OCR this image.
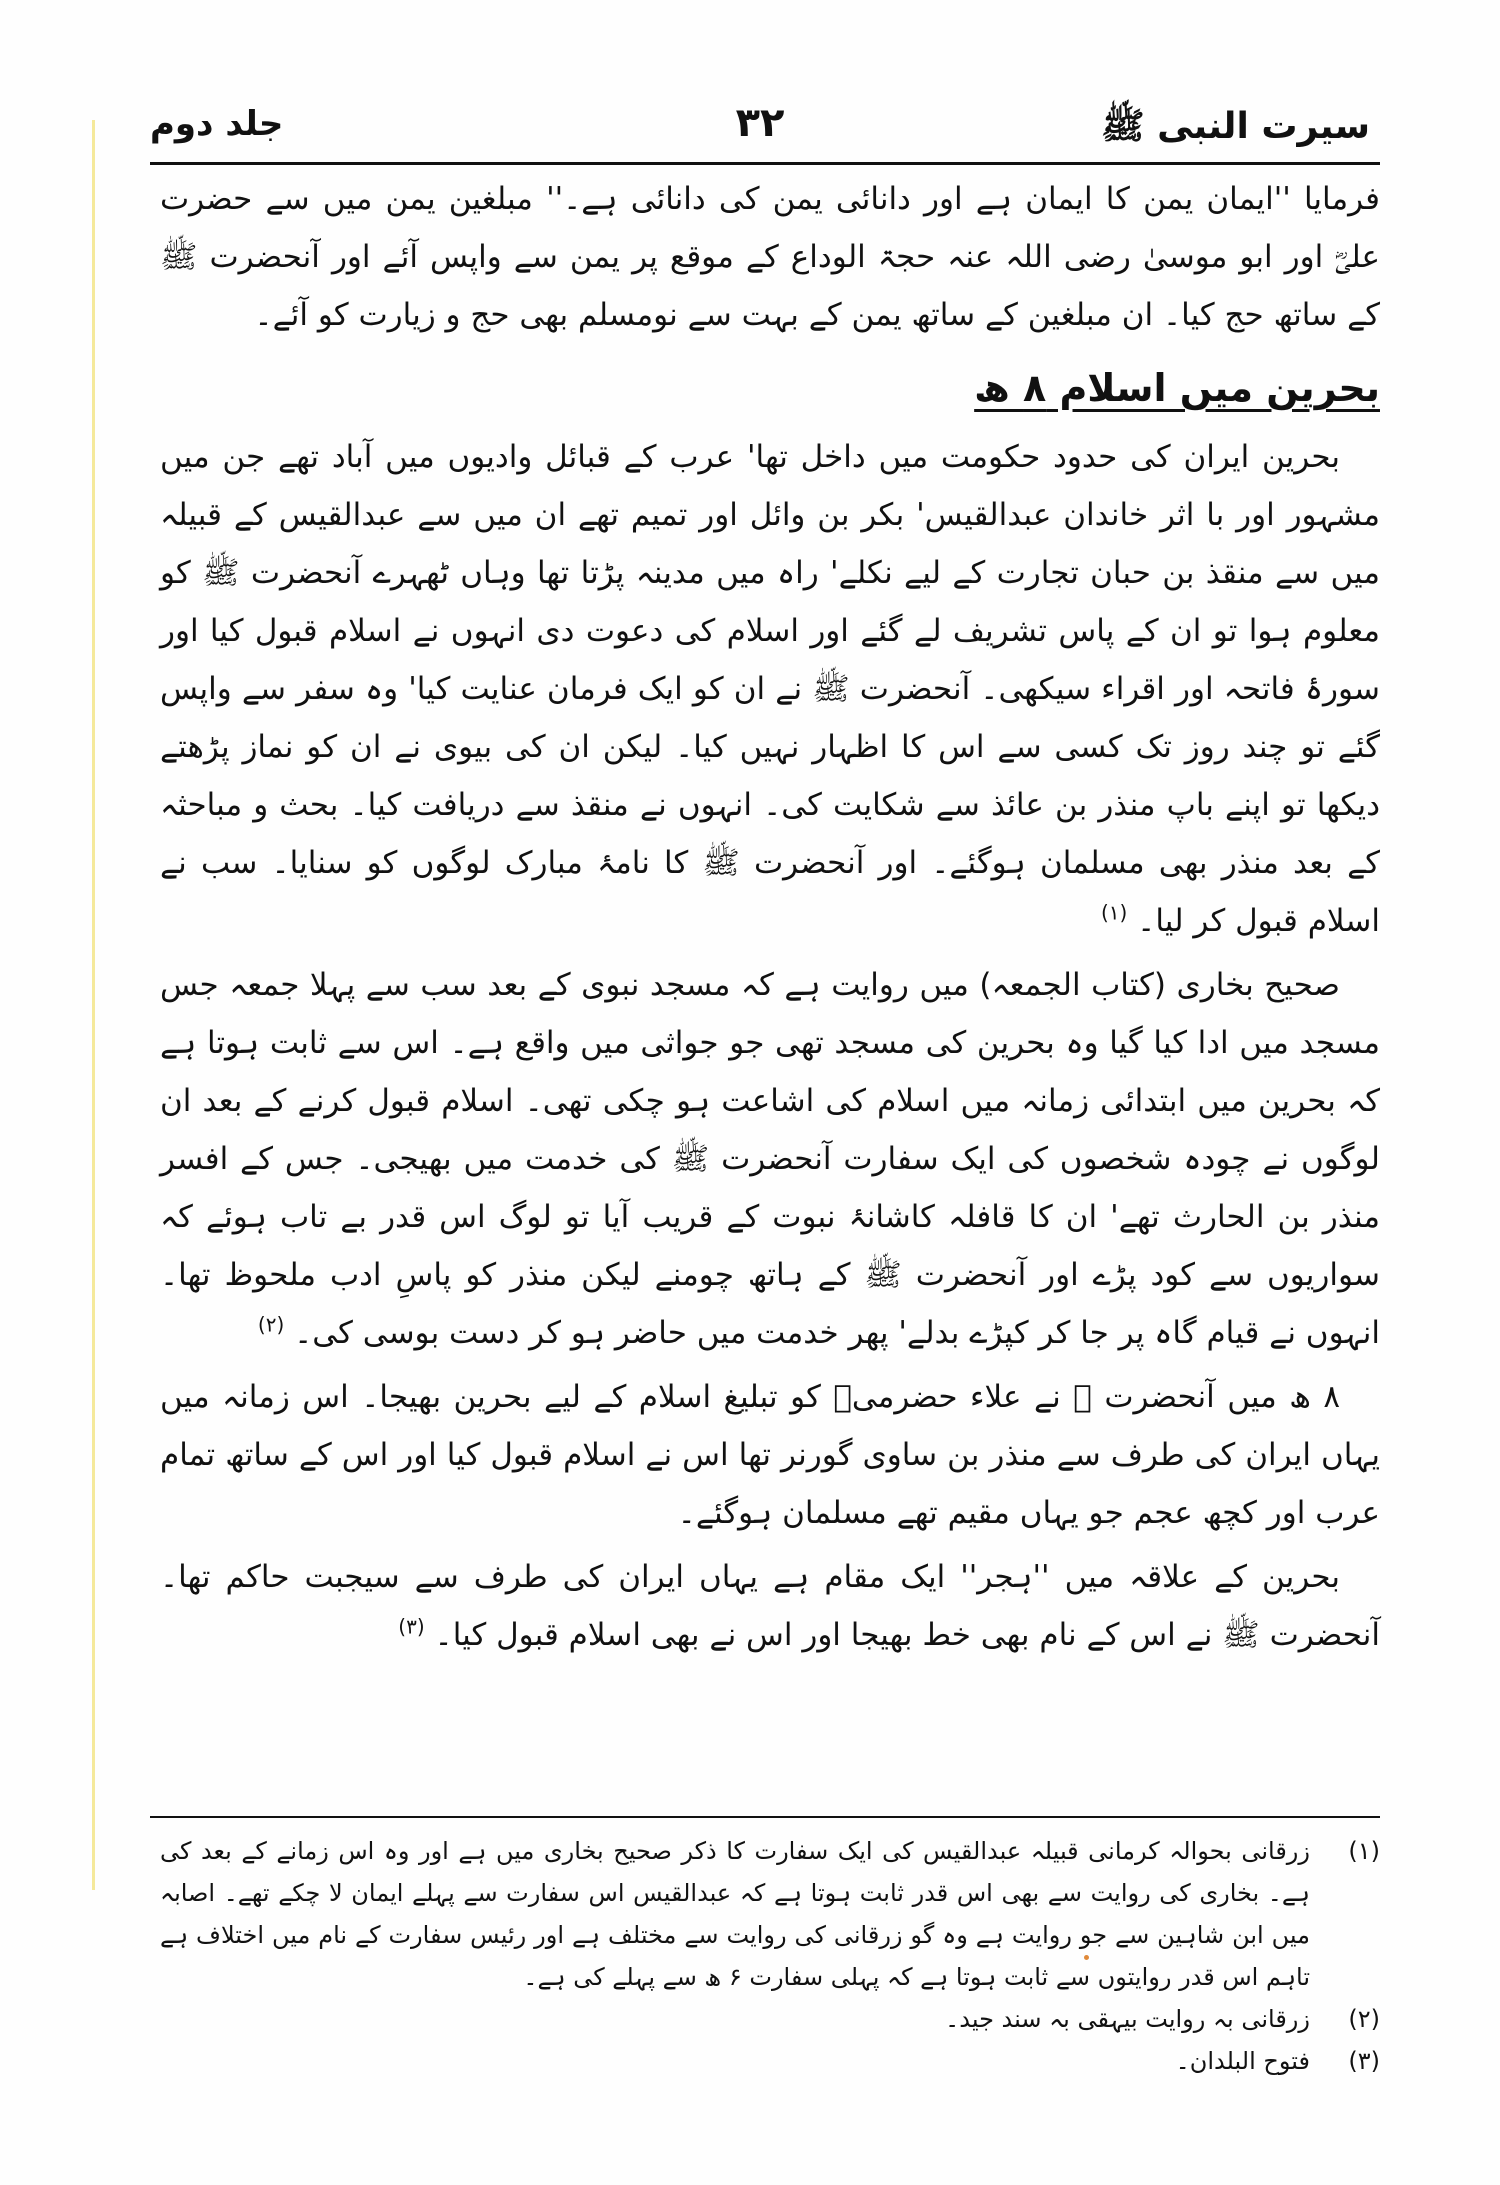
سیرت النبی ﷺ
۳۲
جلد دوم

فرمایا ''ایمان یمن کا ایمان ہے اور دانائی یمن کی دانائی ہے۔'' مبلغین یمن میں سے حضرت علیؓ اور ابو موسیٰ رضی اللہ عنہ حجۃ الوداع کے موقع پر یمن سے واپس آئے اور آنحضرت ﷺ کے ساتھ حج کیا۔ ان مبلغین کے ساتھ یمن کے بہت سے نومسلم بھی حج و زیارت کو آئے۔

بحرین میں اسلام ۸ ھ

بحرین ایران کی حدود حکومت میں داخل تھا' عرب کے قبائل وادیوں میں آباد تھے جن میں مشہور اور با اثر خاندان عبدالقیس' بکر بن وائل اور تمیم تھے ان میں سے عبدالقیس کے قبیلہ میں سے منقذ بن حبان تجارت کے لیے نکلے' راہ میں مدینہ پڑتا تھا وہاں ٹھہرے آنحضرت ﷺ کو معلوم ہوا تو ان کے پاس تشریف لے گئے اور اسلام کی دعوت دی انہوں نے اسلام قبول کیا اور سورۂ فاتحہ اور اقراء سیکھی۔ آنحضرت ﷺ نے ان کو ایک فرمان عنایت کیا' وہ سفر سے واپس گئے تو چند روز تک کسی سے اس کا اظہار نہیں کیا۔ لیکن ان کی بیوی نے ان کو نماز پڑھتے دیکھا تو اپنے باپ منذر بن عائذ سے شکایت کی۔ انہوں نے منقذ سے دریافت کیا۔ بحث و مباحثہ کے بعد منذر بھی مسلمان ہوگئے۔ اور آنحضرت ﷺ کا نامۂ مبارک لوگوں کو سنایا۔ سب نے اسلام قبول کر لیا۔ $^{(۱)}$

صحیح بخاری (کتاب الجمعہ) میں روایت ہے کہ مسجد نبوی کے بعد سب سے پہلا جمعہ جس مسجد میں ادا کیا گیا وہ بحرین کی مسجد تھی جو جواثی میں واقع ہے۔ اس سے ثابت ہوتا ہے کہ بحرین میں ابتدائی زمانہ میں اسلام کی اشاعت ہو چکی تھی۔ اسلام قبول کرنے کے بعد ان لوگوں نے چودہ شخصوں کی ایک سفارت آنحضرت ﷺ کی خدمت میں بھیجی۔ جس کے افسر منذر بن الحارث تھے' ان کا قافلہ کاشانۂ نبوت کے قریب آیا تو لوگ اس قدر بے تاب ہوئے کہ سواریوں سے کود پڑے اور آنحضرت ﷺ کے ہاتھ چومنے لیکن منذر کو پاسِ ادب ملحوظ تھا۔ انہوں نے قیام گاہ پر جا کر کپڑے بدلے' پھر خدمت میں حاضر ہو کر دست بوسی کی۔ $^{(۲)}$

۸ ھ میں آنحضرت ﷺ نے علاء حضرمیؓ کو تبلیغ اسلام کے لیے بحرین بھیجا۔ اس زمانہ میں یہاں ایران کی طرف سے منذر بن ساوی گورنر تھا اس نے اسلام قبول کیا اور اس کے ساتھ تمام عرب اور کچھ عجم جو یہاں مقیم تھے مسلمان ہوگئے۔

بحرین کے علاقہ میں ''ہجر'' ایک مقام ہے یہاں ایران کی طرف سے سیجبت حاکم تھا۔ آنحضرت ﷺ نے اس کے نام بھی خط بھیجا اور اس نے بھی اسلام قبول کیا۔ $^{(۳)}$

(۱)
زرقانی بحوالہ کرمانی قبیلہ عبدالقیس کی ایک سفارت کا ذکر صحیح بخاری میں ہے اور وہ اس زمانے کے بعد کی ہے۔ بخاری کی روایت سے بھی اس قدر ثابت ہوتا ہے کہ عبدالقیس اس سفارت سے پہلے ایمان لا چکے تھے۔ اصابہ میں ابن شاہین سے جو روایت ہے وہ گو زرقانی کی روایت سے مختلف ہے اور رئیس سفارت کے نام میں اختلاف ہے تاہم اس قدر روایتوں سے ثابت ہوتا ہے کہ پہلی سفارت ۶ ھ سے پہلے کی ہے۔
(۲)
زرقانی بہ روایت بیہقی بہ سند جید۔
(۳)
فتوح البلدان۔
